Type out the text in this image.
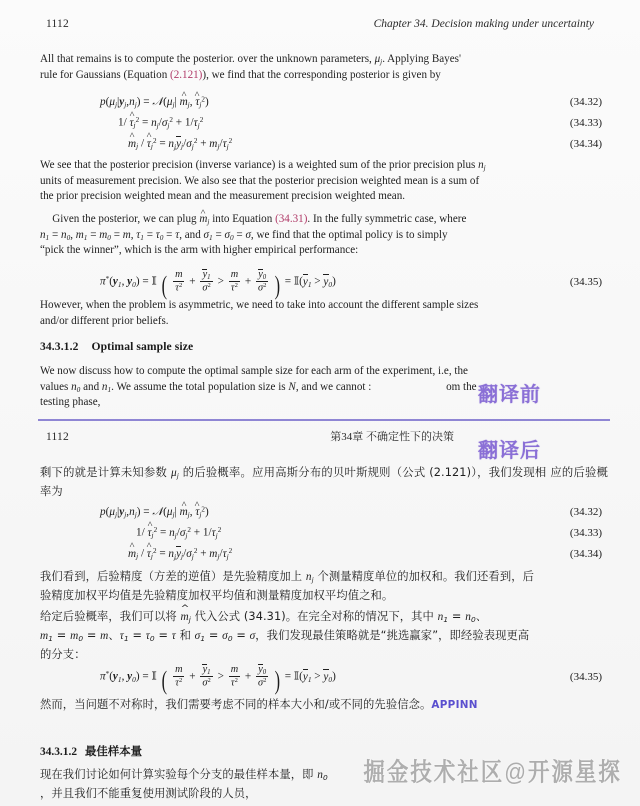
1112	Chapter 34. Decision making under uncertainty
All that remains is to compute the posterior. over the unknown parameters, $\mu_j$. Applying Bayes'
rule for Gaussians (Equation (2.121)), we find that the corresponding posterior is given by
$p(\mu_j|y_j,n_j)$ = $𝒩(\mu_j|$ ^ $m_j$, ^ $\tau_j^2$)	(34.32)
1/ ^ $\tau_j^2 = n_j/\sigma_j^2 + 1/\tau_j^2$	(34.33)
^ $m_j$ / ^ $\tau_j^2 = n_jy_j/\sigma_j^2 + m_j/\tau_j^2$	(34.34)
We see that the posterior precision (inverse variance) is a weighted sum of the prior precision plus $n_j$
units of measurement precision. We also see that the posterior precision weighted mean is a sum of
the prior precision weighted mean and the measurement precision weighted mean.
Given the posterior, we can plug ^ $m_j$ into Equation (34.31). In the fully symmetric case, where
$n_1 = n_0$, $m_1 = m_0 = m$, $\tau_1 = \tau_0 = \tau$, and $\sigma_1 = \sigma_0 = \sigma$, we find that the optimal policy is to simply
“pick the winner”, which is the arm with higher empirical performance:
$\pi^*(y_1$, $y_0$) = 𝕀 ( $\frac{m}{\tau^2} + \frac{y_1}{\sigma^2} > \frac{m}{\tau^2} + \frac{y_0}{\sigma^2}$ ) = $𝕀(y_1 > y_0)$	(34.35)
However, when the problem is asymmetric, we need to take into account the different sample sizes
and/or different prior beliefs.
34.3.1.2 Optimal sample size
We now discuss how to compute the optimal sample size for each arm of the experiment, i.e, the
values $n_0$ and $n_1$. We assume the total population size is N, and we cannot :	om the
testing phase,	翻译前
1112	第34章 不确定性下的决策
翻译后
剩下的就是计算未知参数 $\mu_j$ 的后验概率。应用高斯分布的贝叶斯规则（公式 (2.121)），我们发现相 应的后验概率为
$p(\mu_j|y_j,n_j)$ = $𝒩(\mu_j|$ ^ $m_j$, ^ $\tau_j^2$)	(34.32)
1/ ^ $\tau_j^2 = n_j/\sigma_j^2 + 1/\tau_j^2$	(34.33)
^ $m_j$ / ^ $\tau_j^2 = n_jy_j/\sigma_j^2 + m_j/\tau_j^2$	(34.34)
我们看到，后验精度（方差的逆值）是先验精度加上 $n_j$ 个测量精度单位的加权和。我们还看到，后
验精度加权平均值是先验精度加权平均值和测量精度加权平均值之和。
给定后验概率，我们可以将 ^ $m_j$ 代入公式 (34.31)。在完全对称的情况下，其中 $n_1 = n_0$、
$m_1 = m_0 = m$、$\tau_1 = \tau_0 = \tau$ 和 $\sigma_1 = \sigma_0 = \sigma$，我们发现最佳策略就是“挑选赢家”，即经验表现更高
的分支：
$\pi^*(y_1$, $y_0$) = 𝕀 ( $\frac{m}{\tau^2} + \frac{y_1}{\sigma^2} > \frac{m}{\tau^2} + \frac{y_0}{\sigma^2}$ ) = $𝕀(y_1 > y_0)$	(34.35)
然而，当问题不对称时，我们需要考虑不同的样本大小和/或不同的先验信念。APPINN
34.3.1.2 最佳样本量
现在我们讨论如何计算实验每个分支的最佳样本量，即 $n_0$
，并且我们不能重复使用测试阶段的人员，
掘金技术社区@开源星探
